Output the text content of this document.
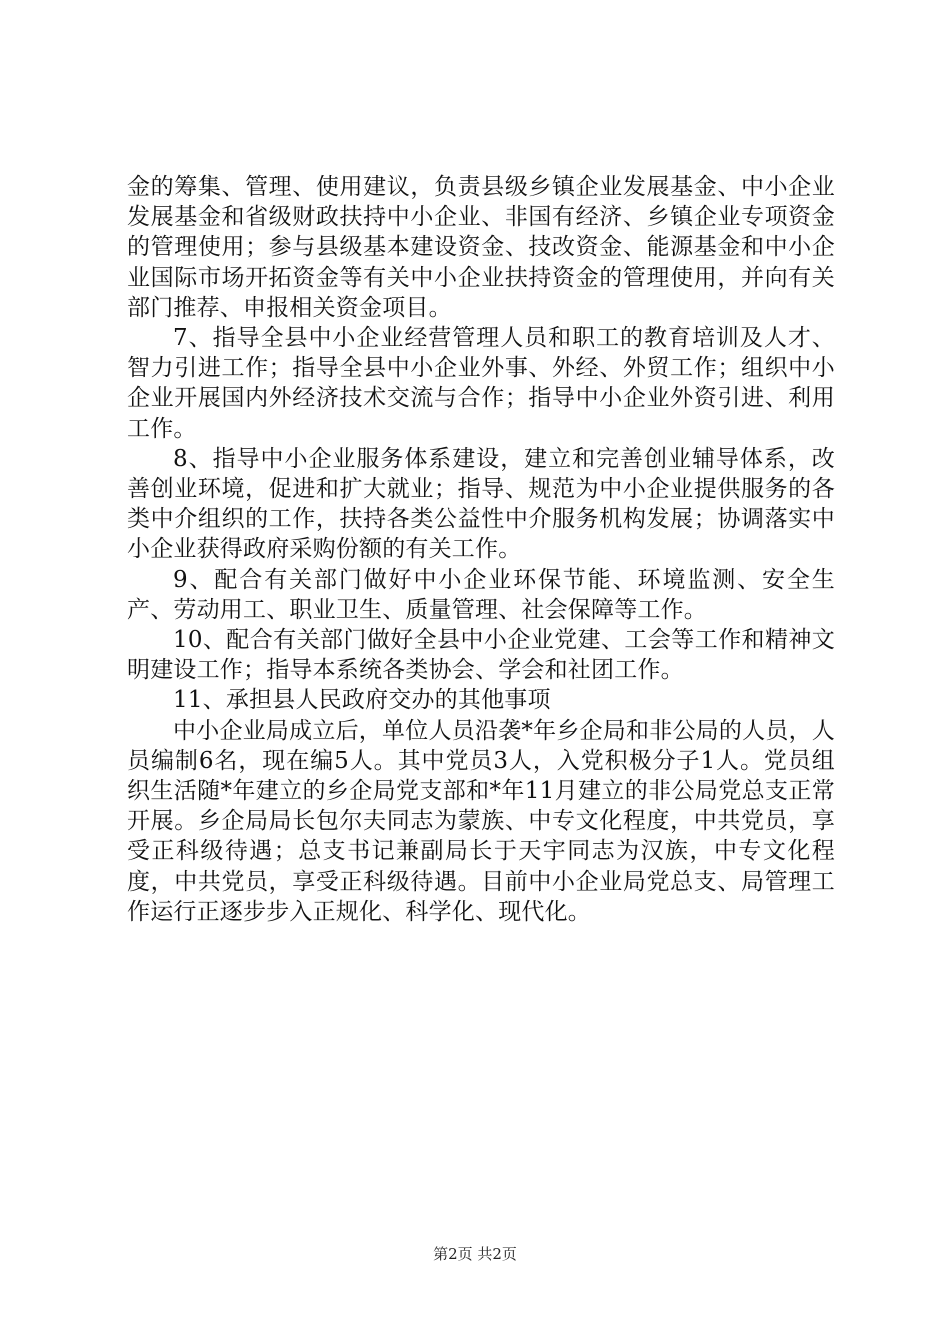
金的筹集、管理、使用建议，负责县级乡镇企业发展基金、中小企业发展基金和省级财政扶持中小企业、非国有经济、乡镇企业专项资金的管理使用；参与县级基本建设资金、技改资金、能源基金和中小企业国际市场开拓资金等有关中小企业扶持资金的管理使用，并向有关部门推荐、申报相关资金项目。

7、指导全县中小企业经营管理人员和职工的教育培训及人才、智力引进工作；指导全县中小企业外事、外经、外贸工作；组织中小企业开展国内外经济技术交流与合作；指导中小企业外资引进、利用工作。

8、指导中小企业服务体系建设，建立和完善创业辅导体系，改善创业环境，促进和扩大就业；指导、规范为中小企业提供服务的各类中介组织的工作，扶持各类公益性中介服务机构发展；协调落实中小企业获得政府采购份额的有关工作。

9、配合有关部门做好中小企业环保节能、环境监测、安全生产、劳动用工、职业卫生、质量管理、社会保障等工作。

10、配合有关部门做好全县中小企业党建、工会等工作和精神文明建设工作；指导本系统各类协会、学会和社团工作。

11、承担县人民政府交办的其他事项

中小企业局成立后，单位人员沿袭*年乡企局和非公局的人员，人员编制6名，现在编5人。其中党员3人，入党积极分子1人。党员组织生活随*年建立的乡企局党支部和*年11月建立的非公局党总支正常开展。乡企局局长包尔夫同志为蒙族、中专文化程度，中共党员，享受正科级待遇；总支书记兼副局长于天宇同志为汉族，中专文化程度，中共党员，享受正科级待遇。目前中小企业局党总支、局管理工作运行正逐步步入正规化、科学化、现代化。

第2页 共2页
